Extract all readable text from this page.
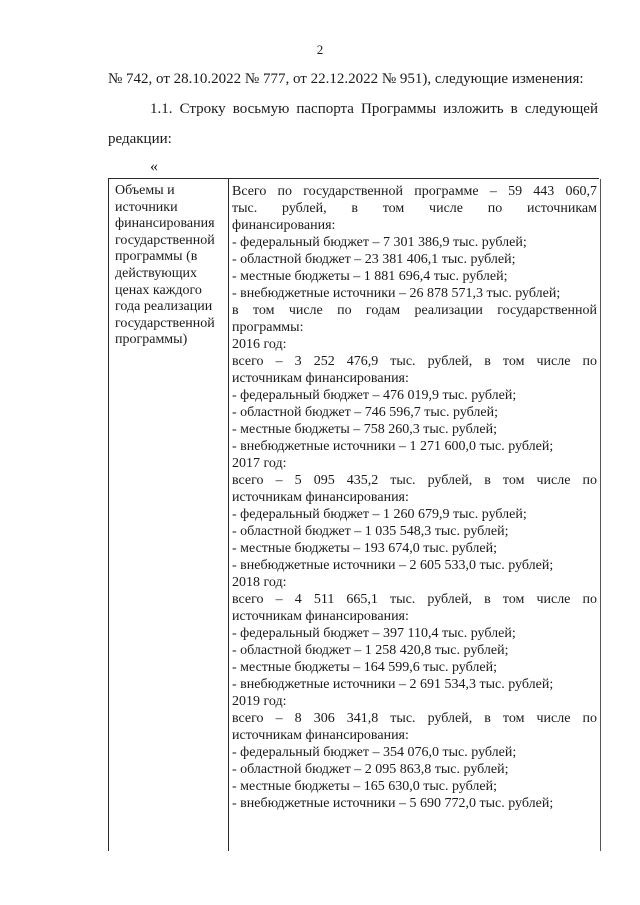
2
№ 742, от 28.10.2022 № 777, от 22.12.2022 № 951), следующие изменения:
1.1. Строку восьмую паспорта Программы изложить в следующей
редакции:
«
Объемы и
источники
финансирования
государственной
программы (в
действующих
ценах каждого
года реализации
государственной
программы)
Всего по государственной программе – 59 443 060,7
тыс. рублей, в том числе по источникам
финансирования:
- федеральный бюджет – 7 301 386,9 тыс. рублей;
- областной бюджет – 23 381 406,1 тыс. рублей;
- местные бюджеты – 1 881 696,4 тыс. рублей;
- внебюджетные источники – 26 878 571,3 тыс. рублей;
в том числе по годам реализации государственной
программы:
2016 год:
всего – 3 252 476,9 тыс. рублей, в том числе по
источникам финансирования:
- федеральный бюджет – 476 019,9 тыс. рублей;
- областной бюджет – 746 596,7 тыс. рублей;
- местные бюджеты – 758 260,3 тыс. рублей;
- внебюджетные источники – 1 271 600,0 тыс. рублей;
2017 год:
всего – 5 095 435,2 тыс. рублей, в том числе по
источникам финансирования:
- федеральный бюджет – 1 260 679,9 тыс. рублей;
- областной бюджет – 1 035 548,3 тыс. рублей;
- местные бюджеты – 193 674,0 тыс. рублей;
- внебюджетные источники – 2 605 533,0 тыс. рублей;
2018 год:
всего – 4 511 665,1 тыс. рублей, в том числе по
источникам финансирования:
- федеральный бюджет – 397 110,4 тыс. рублей;
- областной бюджет – 1 258 420,8 тыс. рублей;
- местные бюджеты – 164 599,6 тыс. рублей;
- внебюджетные источники – 2 691 534,3 тыс. рублей;
2019 год:
всего – 8 306 341,8 тыс. рублей, в том числе по
источникам финансирования:
- федеральный бюджет – 354 076,0 тыс. рублей;
- областной бюджет – 2 095 863,8 тыс. рублей;
- местные бюджеты – 165 630,0 тыс. рублей;
- внебюджетные источники – 5 690 772,0 тыс. рублей;
